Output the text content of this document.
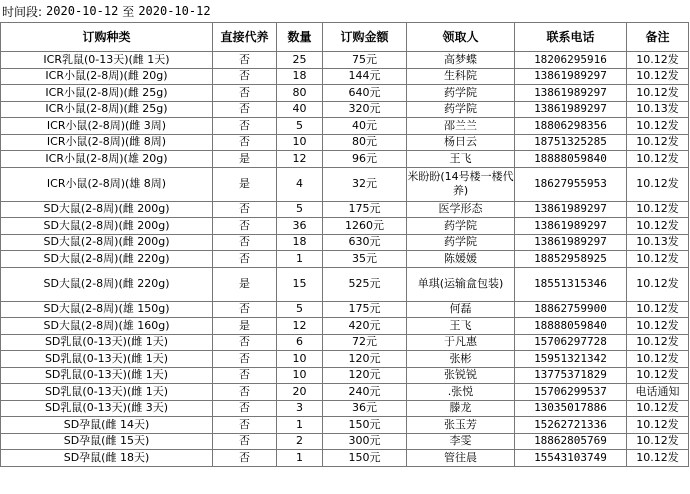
时间段: 2020-10-12 至 2020-10-12
订购种类	直接代养	数量	订购金额	领取人	联系电话	备注
ICR乳鼠(0-13天)(雌 1天)	否	25	75元	高梦蝶	18206295916	10.12发
ICR小鼠(2-8周)(雌 20g)	否	18	144元	生科院	13861989297	10.12发
ICR小鼠(2-8周)(雌 25g)	否	80	640元	药学院	13861989297	10.12发
ICR小鼠(2-8周)(雌 25g)	否	40	320元	药学院	13861989297	10.13发
ICR小鼠(2-8周)(雌 3周)	否	5	40元	邵兰兰	18806298356	10.12发
ICR小鼠(2-8周)(雌 8周)	否	10	80元	杨日云	18751325285	10.12发
ICR小鼠(2-8周)(雄 20g)	是	12	96元	王飞	18888059840	10.12发
ICR小鼠(2-8周)(雄 8周)	是	4	32元	米盼盼(14号楼一楼代养)	18627955953	10.12发
SD大鼠(2-8周)(雌 200g)	否	5	175元	医学形态	13861989297	10.12发
SD大鼠(2-8周)(雌 200g)	否	36	1260元	药学院	13861989297	10.12发
SD大鼠(2-8周)(雌 200g)	否	18	630元	药学院	13861989297	10.13发
SD大鼠(2-8周)(雌 220g)	否	1	35元	陈媛媛	18852958925	10.12发
SD大鼠(2-8周)(雌 220g)	是	15	525元	单琪(运输盒包装)	18551315346	10.12发
SD大鼠(2-8周)(雄 150g)	否	5	175元	何磊	18862759900	10.12发
SD大鼠(2-8周)(雄 160g)	是	12	420元	王飞	18888059840	10.12发
SD乳鼠(0-13天)(雌 1天)	否	6	72元	于凡惠	15706297728	10.12发
SD乳鼠(0-13天)(雌 1天)	否	10	120元	张彬	15951321342	10.12发
SD乳鼠(0-13天)(雌 1天)	否	10	120元	张锐锐	13775371829	10.12发
SD乳鼠(0-13天)(雌 1天)	否	20	240元	.张悦	15706299537	电话通知
SD乳鼠(0-13天)(雌 3天)	否	3	36元	滕龙	13035017886	10.12发
SD孕鼠(雌 14天)	否	1	150元	张玉芳	15262721336	10.12发
SD孕鼠(雌 15天)	否	2	300元	李雯	18862805769	10.12发
SD孕鼠(雌 18天)	否	1	150元	管往晨	15543103749	10.12发
